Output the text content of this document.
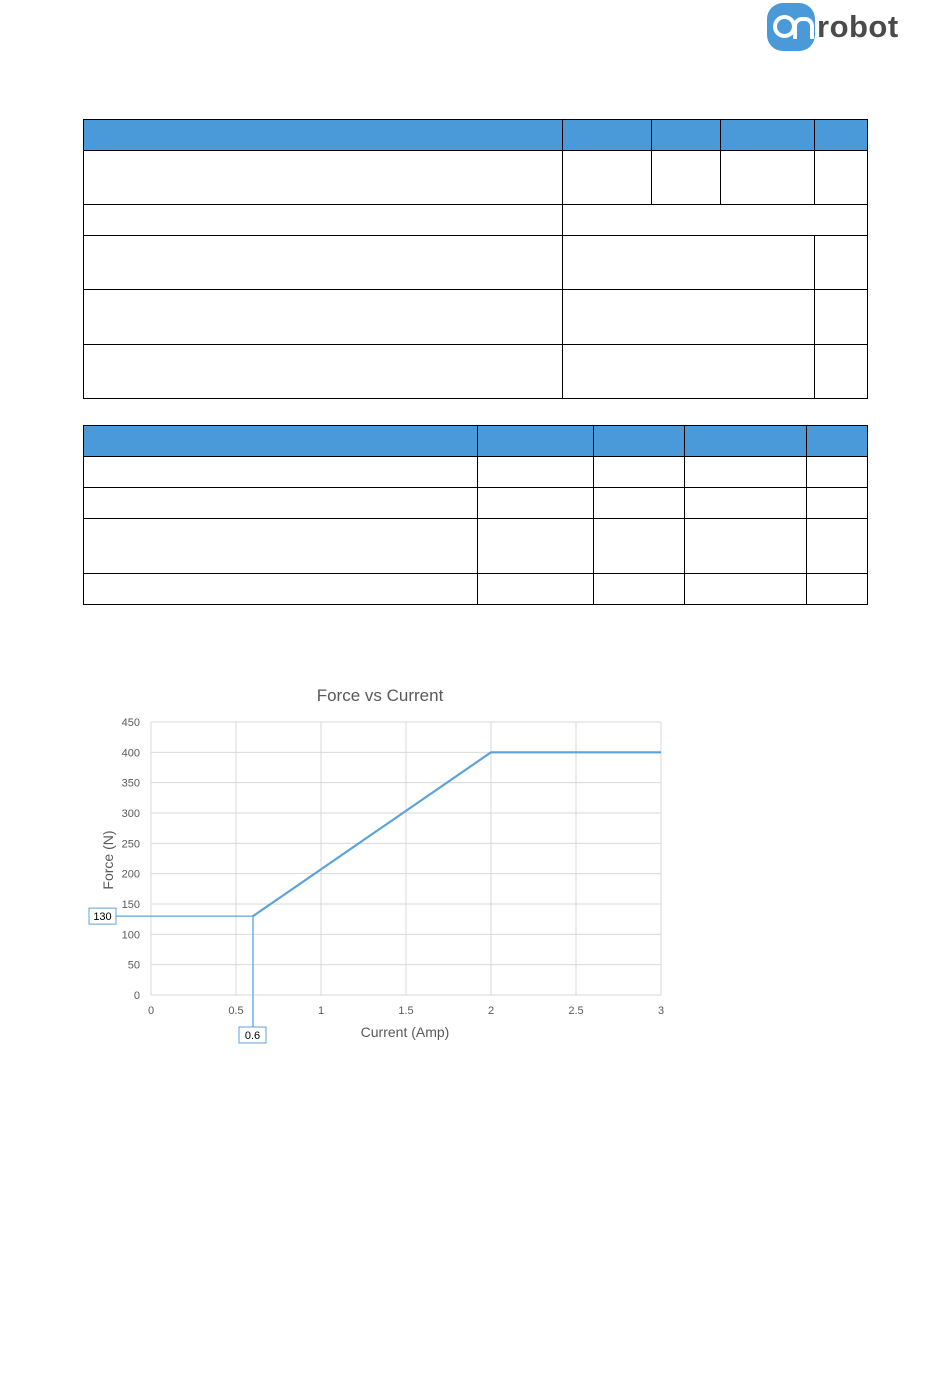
robot

0
50
100
150
200
250
300
350
400
450
0	0.5	1	1.5	2	2.5	3
Force vs Current
Current (Amp)
Force (N)
130
0.6
